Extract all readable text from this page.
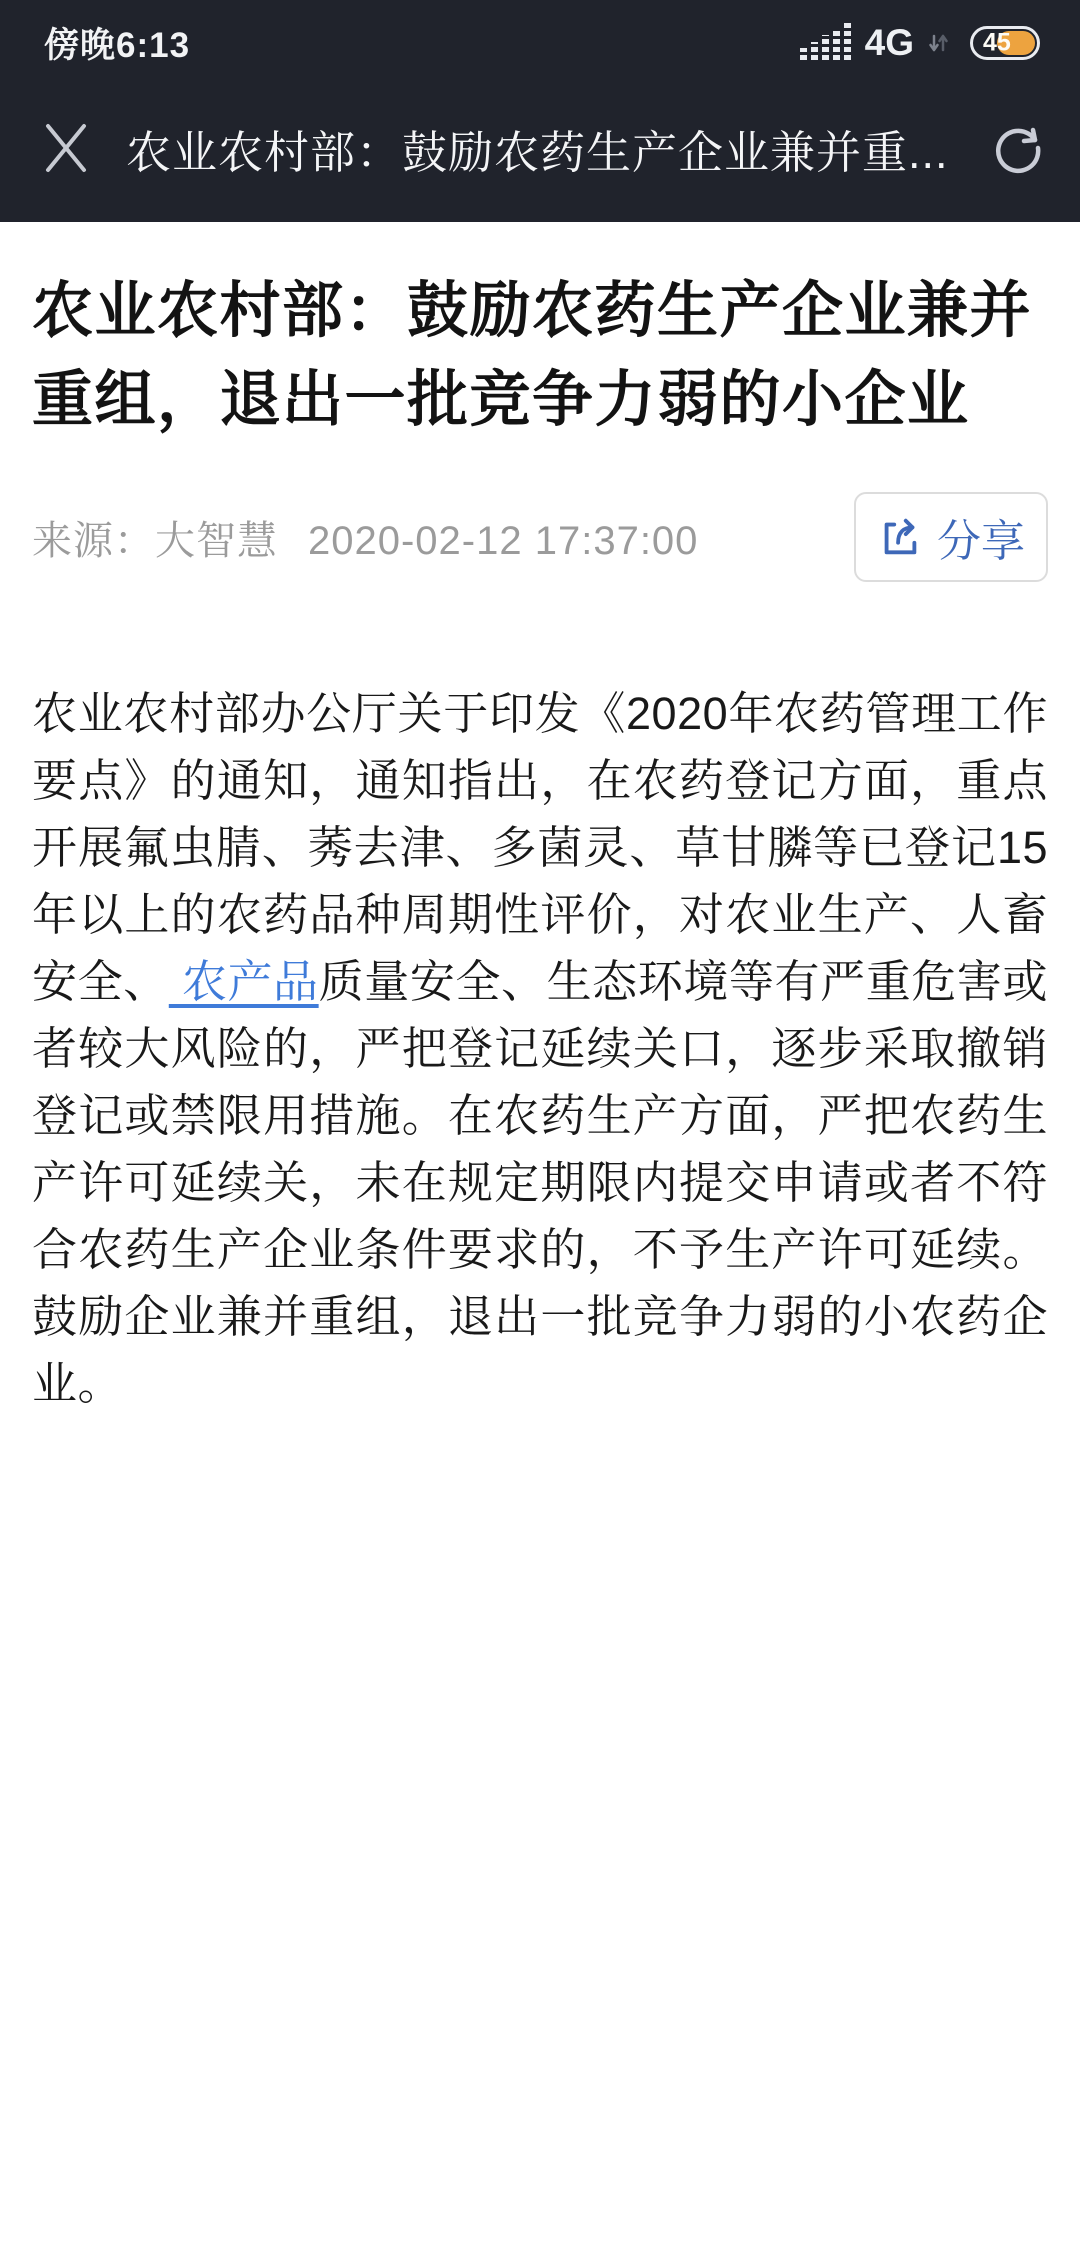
傍晚6:13	4G	45
农业农村部：鼓励农药生产企业兼并重...
农业农村部：鼓励农药生产企业兼并重组，退出一批竞争力弱的小企业
来源：大智慧 2020-02-12 17:37:00	分享

农业农村部办公厅关于印发《2020年农药管理工作要点》的通知，通知指出，在农药登记方面，重点开展氟虫腈、莠去津、多菌灵、草甘膦等已登记15年以上的农药品种周期性评价，对农业生产、人畜安全、 农产品质量安全、生态环境等有严重危害或者较大风险的，严把登记延续关口，逐步采取撤销登记或禁限用措施。在农药生产方面，严把农药生产许可延续关，未在规定期限内提交申请或者不符合农药生产企业条件要求的，不予生产许可延续。鼓励企业兼并重组，退出一批竞争力弱的小农药企业。
